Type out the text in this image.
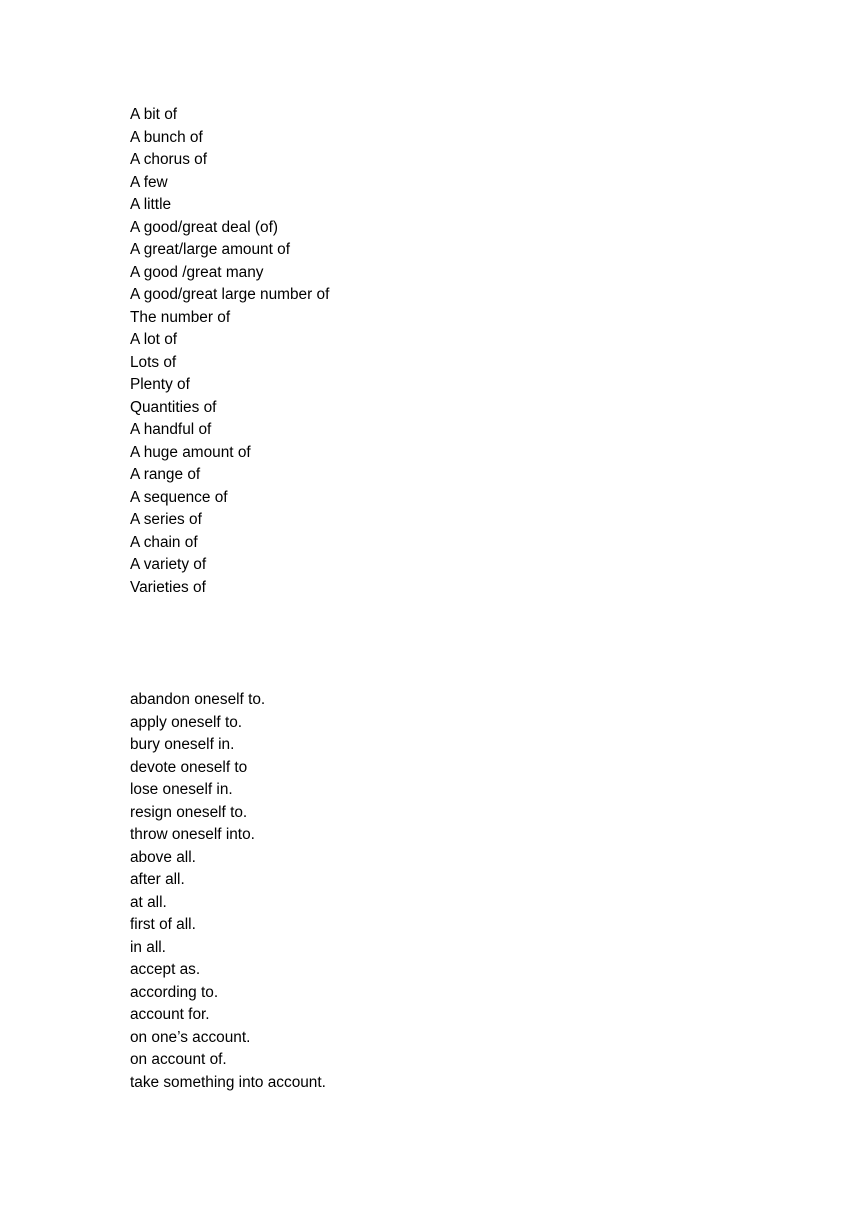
A bit of
A bunch of
A chorus of
A few
A little
A good/great deal (of)
A great/large amount of
A good /great many
A good/great large number of
The number of
A lot of
Lots of
Plenty of
Quantities of
A handful of
A huge amount of
A range of
A sequence of
A series of
A chain of
A variety of
Varieties of
abandon oneself to.
apply oneself to.
bury oneself in.
devote oneself to
lose oneself in.
resign oneself to.
throw oneself into.
above all.
after all.
at all.
first of all.
in all.
accept as.
according to.
account for.
on one’s account.
on account of.
take something into account.
